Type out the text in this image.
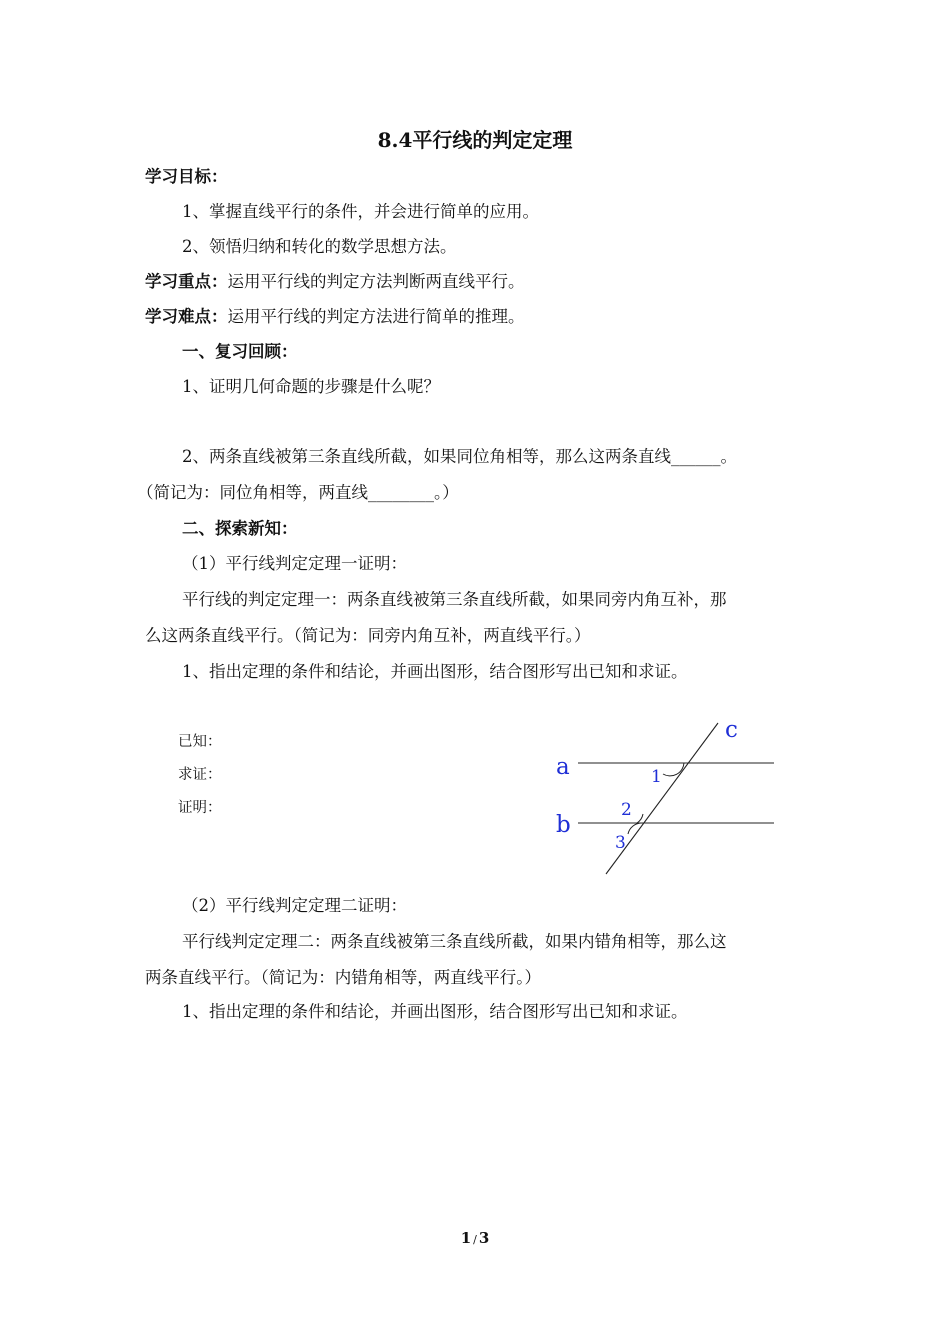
8.4平行线的判定定理
学习目标：
1、掌握直线平行的条件，并会进行简单的应用。
2、领悟归纳和转化的数学思想方法。
学习重点：运用平行线的判定方法判断两直线平行。
学习难点：运用平行线的判定方法进行简单的推理。
一、复习回顾：
1、证明几何命题的步骤是什么呢？
2、两条直线被第三条直线所截，如果同位角相等，那么这两条直线______。
（简记为：同位角相等，两直线________。）
二、探索新知：
（1）平行线判定定理一证明：
平行线的判定定理一：两条直线被第三条直线所截，如果同旁内角互补，那
么这两条直线平行。（简记为：同旁内角互补，两直线平行。）
1、指出定理的条件和结论，并画出图形，结合图形写出已知和求证。
已知：
求证：
证明：
a
b
c
1
2
3
（2）平行线判定定理二证明：
平行线判定定理二：两条直线被第三条直线所截，如果内错角相等，那么这
两条直线平行。（简记为：内错角相等，两直线平行。）
1、指出定理的条件和结论，并画出图形，结合图形写出已知和求证。
1 / 3
